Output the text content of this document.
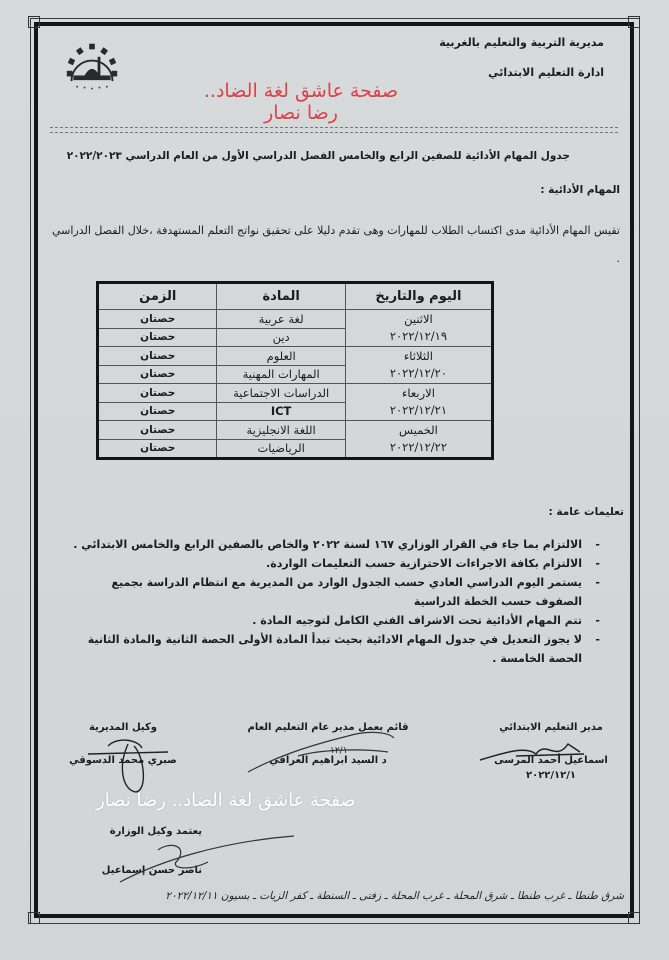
مديرية التربية والتعليم بالغربية
ادارة التعليم الابتدائي
صفحة عاشق لغة الضاد.. رضا نصار
جدول المهام الأدائية للصفين الرابع والخامس الفصل الدراسي الأول من العام الدراسي ٢٠٢٢/٢٠٢٣
المهام الأدائية :
تقيس المهام الأدائية مدى اكتساب الطلاب للمهارات وهى تقدم دليلا على تحقيق نواتج التعلم المستهدفة ،خلال الفصل الدراسي .
اليوم والتاريخ	المادة	الزمن

الاثنين
٢٠٢٢/١٢/١٩	لغة عربية	حصتان
	دين	حصتان

الثلاثاء
٢٠٢٢/١٢/٢٠	العلوم	حصتان
	المهارات المهنية	حصتان

الاربعاء
٢٠٢٢/١٢/٢١	الدراسات الاجتماعية	حصتان
	ICT	حصتان

الخميس
٢٠٢٢/١٢/٢٢	اللغة الانجليزية	حصتان
	الرياضيات	حصتان
تعليمات عامة :
- الالتزام بما جاء في القرار الوزاري ١٦٧ لسنة ٢٠٢٢ والخاص بالصفين الرابع والخامس الابتدائي .
- الالتزام بكافة الاجراءات الاحترازية حسب التعليمات الواردة.
- يستمر اليوم الدراسي العادي حسب الجدول الوارد من المديرية مع انتظام الدراسة بجميع الصفوف حسب الخطة الدراسية
- تتم المهام الأدائية تحت الاشراف الفني الكامل لتوجيه المادة .
- لا يجوز التعديل في جدول المهام الادائية بحيث تبدأ المادة الأولى الحصة الثانية والمادة الثانية الحصة الخامسة .
مدير التعليم الابتدائي
اسماعيل أحمد المرسى
٢٠٢٢/١٢/١
قائم بعمل مدير عام التعليم العام
د السيد ابراهيم العراقي
١٢/١
وكيل المديرية
صبري محمد الدسوقي
صفحة عاشق لغة الضاد.. رضا نصار
يعتمد وكيل الوزارة
ناصر حسن إسماعيل
شرق طنطا ـ غرب طنطا ـ شرق المحلة ـ غرب المحلة ـ زفتى ـ السنطة ـ كفر الزيات ـ بسيون ٢٠٢٢/١٢/١١
